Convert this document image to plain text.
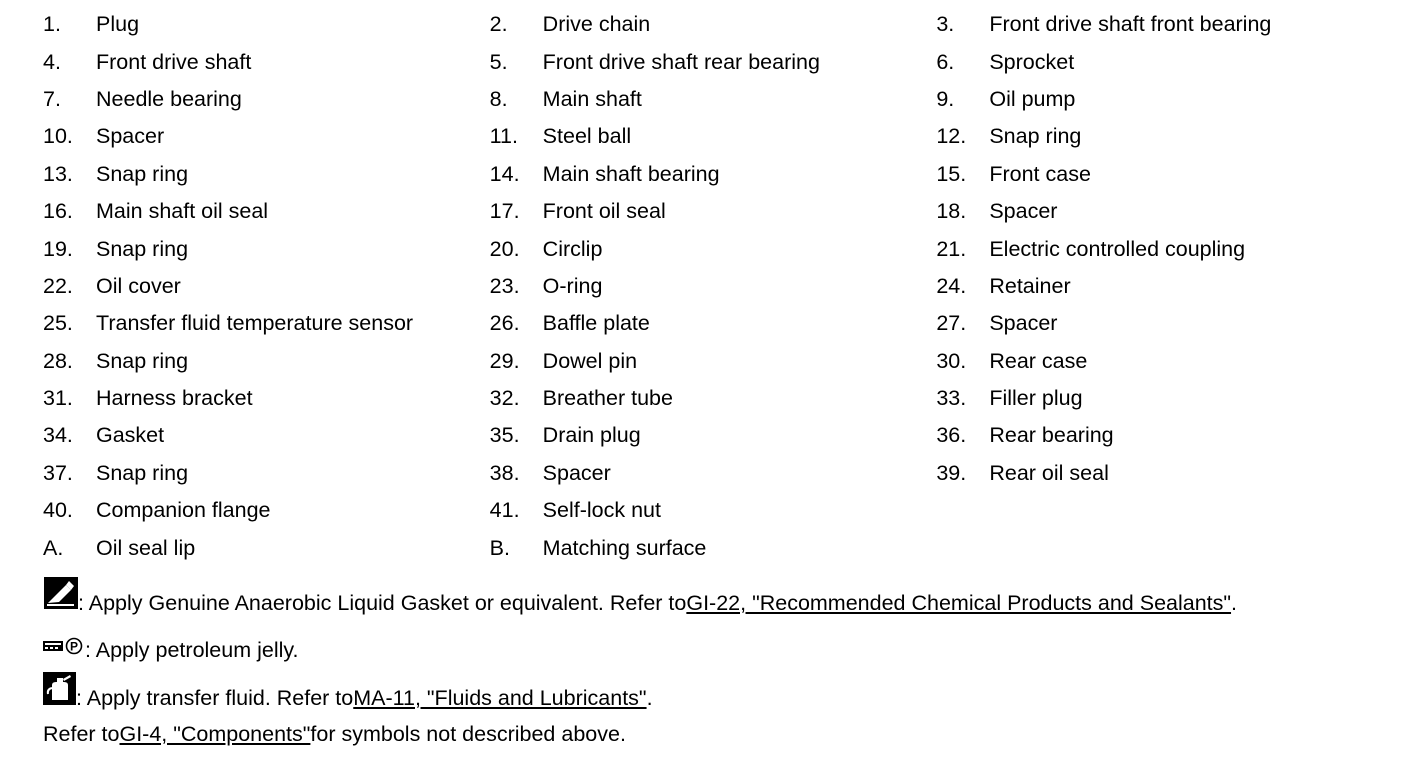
1.	Plug	2.	Drive chain	3.	Front drive shaft front bearing
4.	Front drive shaft	5.	Front drive shaft rear bearing	6.	Sprocket
7.	Needle bearing	8.	Main shaft	9.	Oil pump
10.	Spacer	11.	Steel ball	12.	Snap ring
13.	Snap ring	14.	Main shaft bearing	15.	Front case
16.	Main shaft oil seal	17.	Front oil seal	18.	Spacer
19.	Snap ring	20.	Circlip	21.	Electric controlled coupling
22.	Oil cover	23.	O-ring	24.	Retainer
25.	Transfer fluid temperature sensor	26.	Baffle plate	27.	Spacer
28.	Snap ring	29.	Dowel pin	30.	Rear case
31.	Harness bracket	32.	Breather tube	33.	Filler plug
34.	Gasket	35.	Drain plug	36.	Rear bearing
37.	Snap ring	38.	Spacer	39.	Rear oil seal
40.	Companion flange	41.	Self-lock nut
A.	Oil seal lip	B.	Matching surface
: Apply Genuine Anaerobic Liquid Gasket or equivalent. Refer to GI-22, "Recommended Chemical Products and Sealants" .
P : Apply petroleum jelly.
: Apply transfer fluid. Refer to MA-11, "Fluids and Lubricants" .
Refer to GI-4, "Components" for symbols not described above.
